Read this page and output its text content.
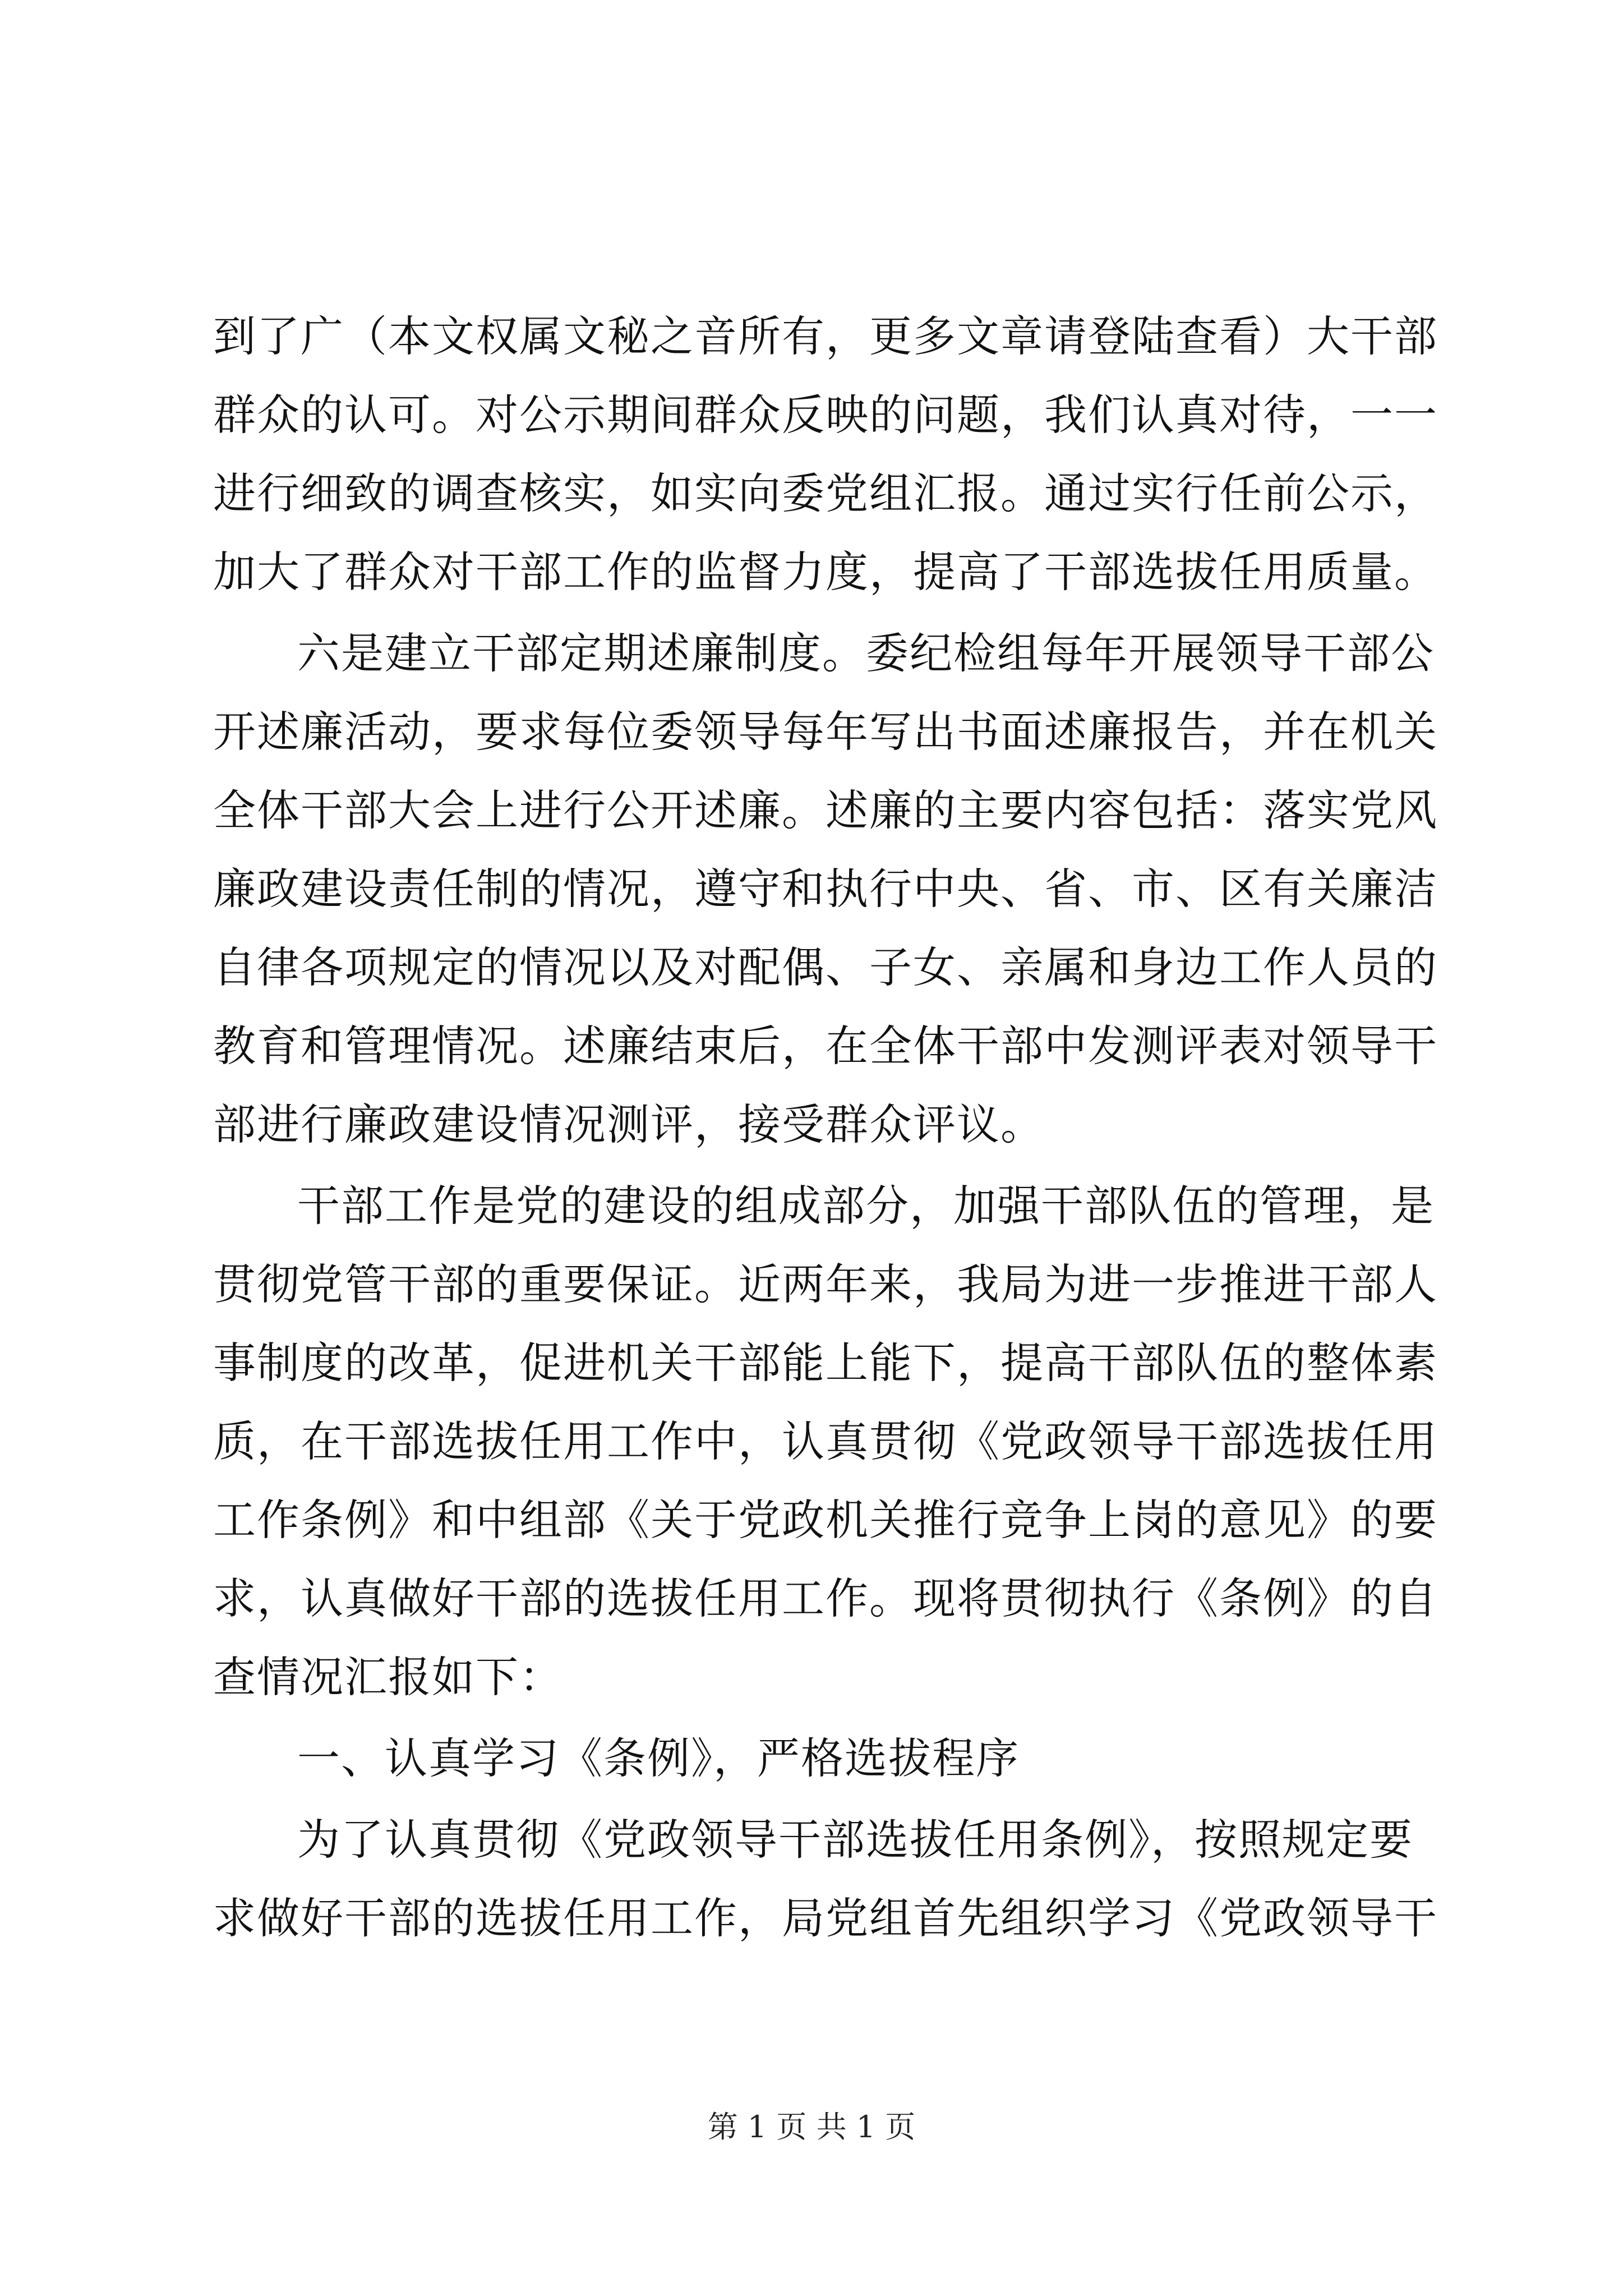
到了广（本文权属文秘之音所有，更多文章请登陆查看）大干部
群众的认可。对公示期间群众反映的问题，我们认真对待，一一
进行细致的调查核实，如实向委党组汇报。通过实行任前公示，
加大了群众对干部工作的监督力度，提高了干部选拔任用质量。
六是建立干部定期述廉制度。委纪检组每年开展领导干部公
开述廉活动，要求每位委领导每年写出书面述廉报告，并在机关
全体干部大会上进行公开述廉。述廉的主要内容包括：落实党风
廉政建设责任制的情况，遵守和执行中央、省、市、区有关廉洁
自律各项规定的情况以及对配偶、子女、亲属和身边工作人员的
教育和管理情况。述廉结束后，在全体干部中发测评表对领导干
部进行廉政建设情况测评，接受群众评议。
干部工作是党的建设的组成部分，加强干部队伍的管理，是
贯彻党管干部的重要保证。近两年来，我局为进一步推进干部人
事制度的改革，促进机关干部能上能下，提高干部队伍的整体素
质，在干部选拔任用工作中，认真贯彻《党政领导干部选拔任用
工作条例》和中组部《关于党政机关推行竞争上岗的意见》的要
求，认真做好干部的选拔任用工作。现将贯彻执行《条例》的自
查情况汇报如下：
一、认真学习《条例》，严格选拔程序
为了认真贯彻《党政领导干部选拔任用条例》，按照规定要
求做好干部的选拔任用工作，局党组首先组织学习《党政领导干
第 1 页 共 1 页
